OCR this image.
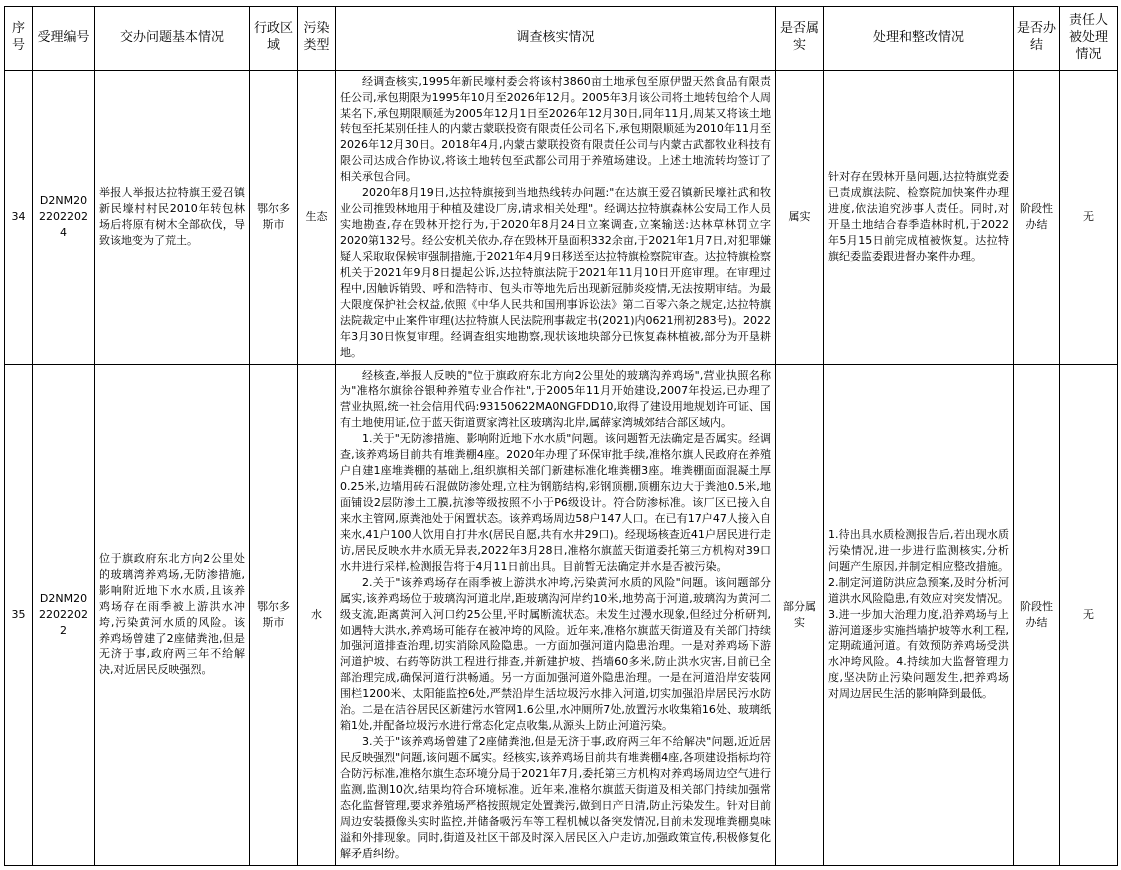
序号	受理编号	交办问题基本情况	行政区域	污染类型	调查核实情况	是否属实	处理和整改情况	是否办结	责任人被处理情况
34	D2NM2022022024	举报人举报达拉特旗王爱召镇新民壕村村民2010年转包林场后将原有树木全部砍伐，导致该地变为了荒土。	鄂尔多斯市	生态	经调查核实,1995年新民壕村委会将该村3860亩土地承包至原伊盟天然食品有限责任公司,承包期限为1995年10月至2026年12月。2005年3月该公司将土地转包给个人周某名下,承包期限顺延为2005年12月1日至2026年12月30日,同年11月,周某又将该土地转包至托某别任挂人的内蒙古蒙联投资有限责任公司名下,承包期限顺延为2010年11月至2026年12月30日。2018年4月,内蒙古蒙联投资有限责任公司与内蒙古武都牧业科技有限公司达成合作协议,将该土地转包至武都公司用于养殖场建设。上述土地流转均签订了相关承包合同。

2020年8月19日,达拉特旗接到当地热线转办问题:"在达旗王爱召镇新民壕社武和牧业公司推毁林地用于种植及建设厂房,请求相关处理"。经调达拉特旗森林公安局工作人员实地勘查,存在毁林开挖行为,于2020年8月24日立案调查,立案输送:达林草林罚立字2020第132号。经公安机关依办,存在毁林开垦面积332余亩,于2021年1月7日,对犯罪嫌疑人采取取保候审强制措施,于2021年4月9日移送至达拉特旗检察院审查。达拉特旗检察机关于2021年9月8日提起公诉,达拉特旗法院于2021年11月10日开庭审理。在审理过程中,因触诉销毁、呼和浩特市、包头市等地先后出现新冠肺炎疫情,无法按期审结。为最大限度保护社会权益,依照《中华人民共和国刑事诉讼法》第二百零六条之规定,达拉特旗法院裁定中止案件审理(达拉特旗人民法院刑事裁定书(2021)内0621刑初283号)。2022年3月30日恢复审理。经调查组实地勘察,现状该地块部分已恢复森林植被,部分为开垦耕地。	属实	针对存在毁林开垦问题,达拉特旗党委已责成旗法院、检察院加快案件办理进度,依法追究涉事人责任。同时,对开垦土地结合春季造林时机,于2022年5月15日前完成植被恢复。达拉特旗纪委监委跟进督办案件办理。	阶段性办结	无
35	D2NM2022022022	位于旗政府东北方向2公里处的玻璃湾养鸡场,无防渗措施,影响附近地下水水质,且该养鸡场存在雨季被上游洪水冲垮,污染黄河水质的风险。该养鸡场曾建了2座储粪池,但是无济于事,政府两三年不给解决,对近居民反映强烈。	鄂尔多斯市	水	经核查,举报人反映的"位于旗政府东北方向2公里处的玻璃沟养鸡场",营业执照名称为"准格尔旗徐谷银种养殖专业合作社",于2005年11月开始建设,2007年投运,已办理了营业执照,统一社会信用代码:93150622MA0NGFDD10,取得了建设用地规划许可证、国有土地使用证,位于蓝天街道贾家湾社区玻璃沟北岸,属薛家湾城郊结合部区域内。

1.关于"无防渗措施、影响附近地下水水质"问题。该问题暂无法确定是否属实。经调查,该养鸡场目前共有堆粪棚4座。2020年办理了环保审批手续,准格尔旗人民政府在养殖户自建1座堆粪棚的基础上,组织旗相关部门新建标准化堆粪棚3座。堆粪棚面面混凝土厚0.25米,边墙用砖石混做防渗处理,立柱为钢筋结构,彩钢顶棚,顶棚东边大于粪池0.5米,地面铺设2层防渗土工膜,抗渗等级按照不小于P6级设计。符合防渗标准。该厂区已接入自来水主管网,原粪池处于闲置状态。该养鸡场周边58户147人口。在已有17户47人接入自来水,41户100人饮用自打井水(居民自愿,共有水井29口)。经现场核查近41户居民进行走访,居民反映水井水质无异表,2022年3月28日,准格尔旗蓝天街道委托第三方机构对39口水井进行采样,检测报告将于4月11日前出具。目前暂无法确定并水是否被污染。

2.关于"该养鸡场存在雨季被上游洪水冲垮,污染黄河水质的风险"问题。该问题部分属实,该养鸡场位于玻璃沟河道北岸,距玻璃沟河岸约10米,地势高于河道,玻璃沟为黄河二级支流,距离黄河入河口约25公里,平时属断流状态。未发生过漫水现象,但经过分析研判,如遇特大洪水,养鸡场可能存在被冲垮的风险。近年来,准格尔旗蓝天街道及有关部门持续加强河道排查治理,切实消除风险隐患。一方面加强河道内隐患治理。一是对养鸡场下游河道护坡、右药等防洪工程进行排查,并新建护坡、挡墙60多米,防止洪水灾害,目前已全部治理完成,确保河道行洪畅通。另一方面加强河道外隐患治理。一是在河道沿岸安装网围栏1200米、太阳能监控6处,严禁沿岸生活垃圾污水排入河道,切实加强沿岸居民污水防治。二是在洁谷居民区新建污水管网1.6公里,水冲厕所7处,放置污水收集箱16处、玻璃纸箱1处,并配备垃圾污水进行常态化定点收集,从源头上防止河道污染。

3.关于"该养鸡场曾建了2座储粪池,但是无济于事,政府两三年不给解决"问题,近近居民反映强烈"问题,该问题不属实。经核实,该养鸡场目前共有堆粪棚4座,各项建设指标均符合防污标准,准格尔旗生态环境分局于2021年7月,委托第三方机构对养鸡场周边空气进行监测,监测10次,结果均符合环境标准。近年来,准格尔旗蓝天街道及相关部门持续加强常态化监督管理,要求养殖场严格按照规定处置粪污,做到日产日清,防止污染发生。针对目前周边安装摄像头实时监控,并储备吸污车等工程机械以备突发情况,目前未发现堆粪棚臭味溢和外排现象。同时,街道及社区干部及时深入居民区入户走访,加强政策宣传,积极修复化解矛盾纠纷。	部分属实	1.待出具水质检测报告后,若出现水质污染情况,进一步进行监测核实,分析问题产生原因,并制定相应整改措施。2.制定河道防洪应急预案,及时分析河道洪水风险隐患,有效应对突发情况。3.进一步加大治理力度,沿养鸡场与上游河道逐步实施挡墙护坡等水利工程,定期疏通河道。有效预防养鸡场受洪水冲垮风险。4.持续加大监督管理力度,坚决防止污染问题发生,把养鸡场对周边居民生活的影响降到最低。	阶段性办结	无
